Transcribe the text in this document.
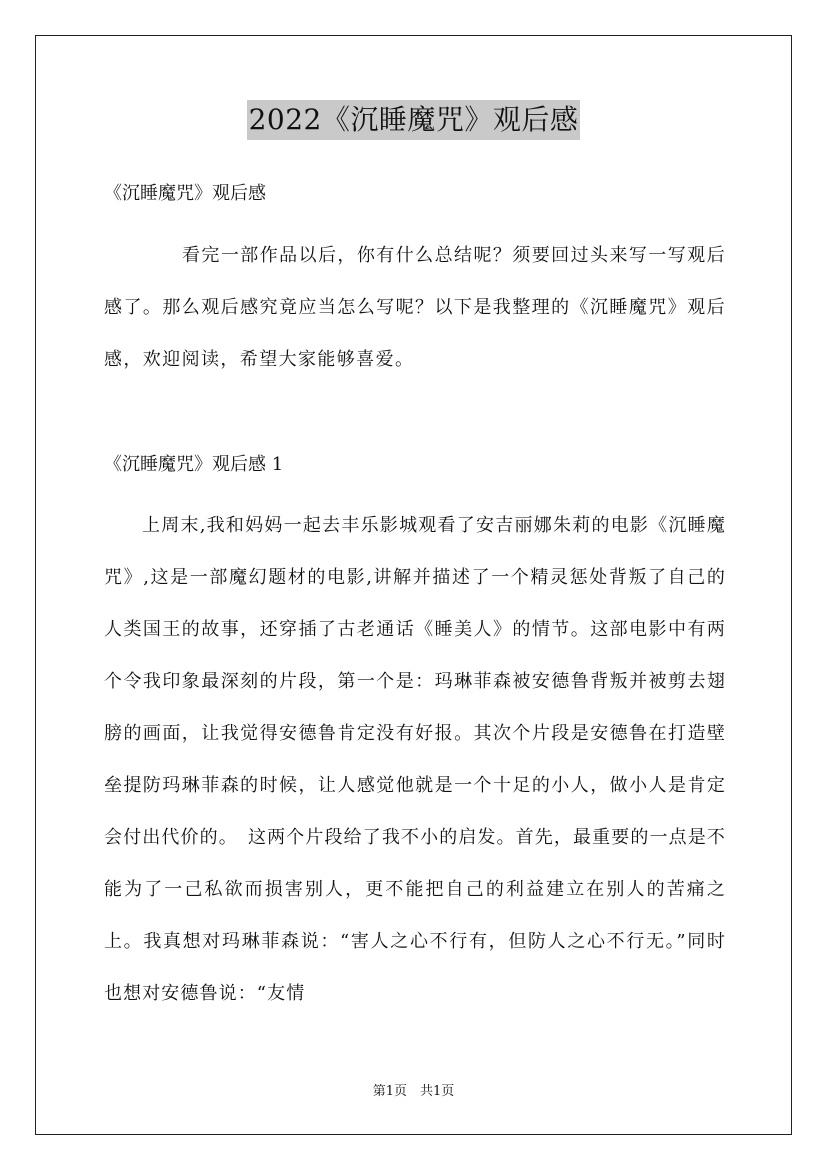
2022《沉睡魔咒》观后感
《沉睡魔咒》观后感

看完一部作品以后，你有什么总结呢？须要回过头来写一写观后感了。那么观后感究竟应当怎么写呢？以下是我整理的《沉睡魔咒》观后感，欢迎阅读，希望大家能够喜爱。

《沉睡魔咒》观后感 1

上周末,我和妈妈一起去丰乐影城观看了安吉丽娜朱莉的电影《沉睡魔咒》,这是一部魔幻题材的电影,讲解并描述了一个精灵惩处背叛了自己的人类国王的故事，还穿插了古老通话《睡美人》的情节。这部电影中有两个令我印象最深刻的片段，第一个是：玛琳菲森被安德鲁背叛并被剪去翅膀的画面，让我觉得安德鲁肯定没有好报。其次个片段是安德鲁在打造壁垒提防玛琳菲森的时候，让人感觉他就是一个十足的小人，做小人是肯定会付出代价的。　这两个片段给了我不小的启发。首先，最重要的一点是不能为了一己私欲而损害别人，更不能把自己的利益建立在别人的苦痛之上。我真想对玛琳菲森说：“害人之心不行有，但防人之心不行无。”同时也想对安德鲁说：“友情

第1页　共1页
